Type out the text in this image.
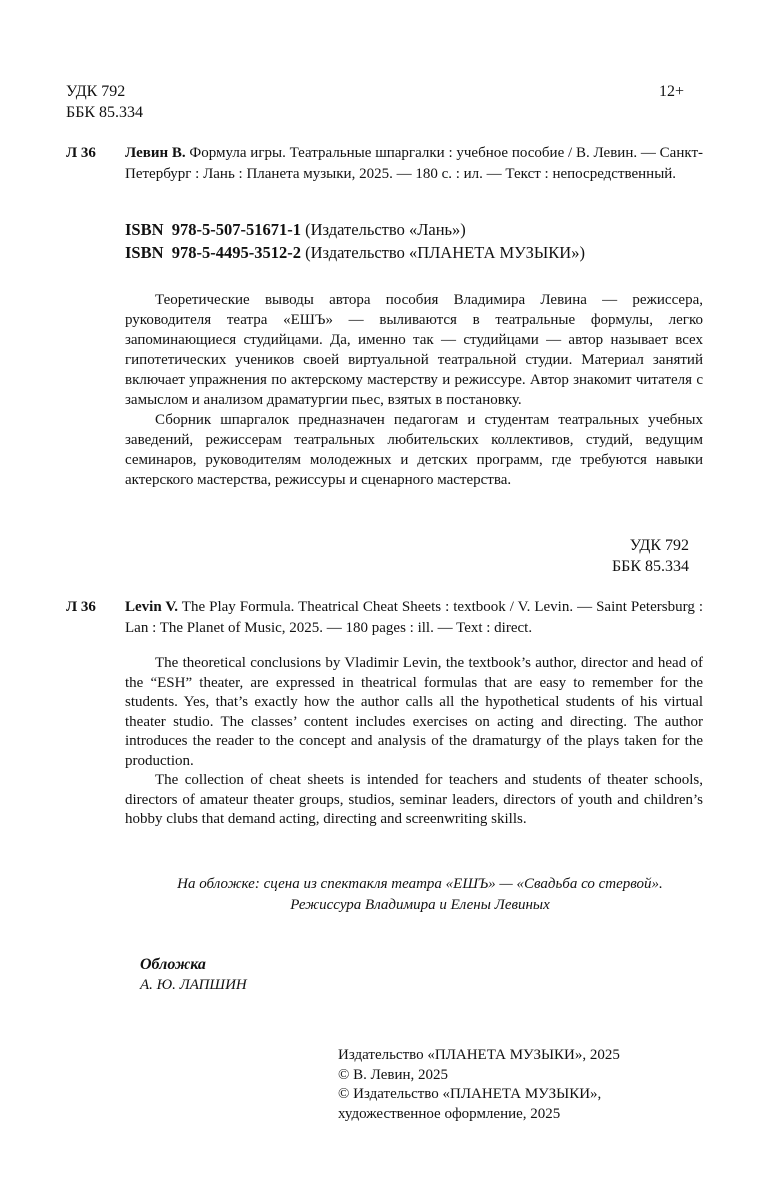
УДК 792
ББК 85.334
12+
Л 36 Левин В. Формула игры. Театральные шпаргалки : учебное пособие / В. Левин. — Санкт-Петербург : Лань : Планета музыки, 2025. — 180 с. : ил. — Текст : непосредственный.
ISBN 978-5-507-51671-1 (Издательство «Лань»)
ISBN 978-5-4495-3512-2 (Издательство «ПЛАНЕТА МУЗЫКИ»)

Теоретические выводы автора пособия Владимира Левина — режиссера, руководителя театра «ЕШЪ» — выливаются в театральные формулы, легко запоминающиеся студийцами. Да, именно так — студийцами — автор называет всех гипотетических учеников своей виртуальной театральной студии. Материал занятий включает упражнения по актерскому мастерству и режиссуре. Автор знакомит читателя с замыслом и анализом драматургии пьес, взятых в постановку.

Сборник шпаргалок предназначен педагогам и студентам театральных учебных заведений, режиссерам театральных любительских коллективов, студий, ведущим семинаров, руководителям молодежных и детских программ, где требуются навыки актерского мастерства, режиссуры и сценарного мастерства.

УДК 792
ББК 85.334
Л 36 Levin V. The Play Formula. Theatrical Cheat Sheets : textbook / V. Levin. — Saint Petersburg : Lan : The Planet of Music, 2025. — 180 pages : ill. — Text : direct.

The theoretical conclusions by Vladimir Levin, the textbook’s author, director and head of the “ESH” theater, are expressed in theatrical formulas that are easy to remember for the students. Yes, that’s exactly how the author calls all the hypothetical students of his virtual theater studio. The classes’ content includes exercises on acting and directing. The author introduces the reader to the concept and analysis of the dramaturgy of the plays taken for the production.

The collection of cheat sheets is intended for teachers and students of theater schools, directors of amateur theater groups, studios, seminar leaders, directors of youth and children’s hobby clubs that demand acting, directing and screenwriting skills.

На обложке: сцена из спектакля театра «ЕШЪ» — «Свадьба со стервой».
Режиссура Владимира и Елены Левиных
Обложка
А. Ю. ЛАПШИН
Издательство «ПЛАНЕТА МУЗЫКИ», 2025
© В. Левин, 2025
© Издательство «ПЛАНЕТА МУЗЫКИ»,
художественное оформление, 2025
